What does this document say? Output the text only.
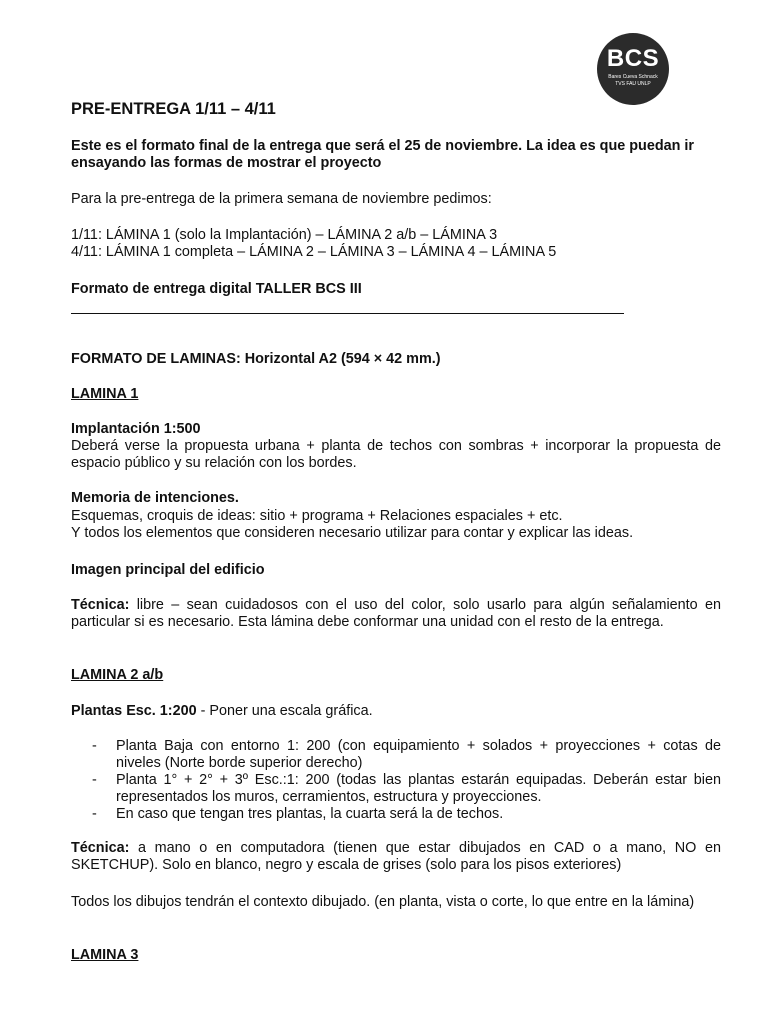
BCS
Bares Cueva Schnack
TVS FAU UNLP
PRE-ENTREGA 1/11 – 4/11

Este es el formato final de la entrega que será el 25 de noviembre. La idea es que puedan ir ensayando las formas de mostrar el proyecto

Para la pre-entrega de la primera semana de noviembre pedimos:

1/11: LÁMINA 1 (solo la Implantación) – LÁMINA 2 a/b – LÁMINA 3

4/11: LÁMINA 1 completa – LÁMINA 2 – LÁMINA 3 – LÁMINA 4 – LÁMINA 5

Formato de entrega digital TALLER BCS III

FORMATO DE LAMINAS: Horizontal A2 (594 × 42 mm.)

LAMINA 1

Implantación 1:500

Deberá verse la propuesta urbana + planta de techos con sombras + incorporar la propuesta de espacio público y su relación con los bordes.

Memoria de intenciones.

Esquemas, croquis de ideas: sitio + programa + Relaciones espaciales + etc.

Y todos los elementos que consideren necesario utilizar para contar y explicar las ideas.

Imagen principal del edificio

Técnica: libre – sean cuidadosos con el uso del color, solo usarlo para algún señalamiento en particular si es necesario. Esta lámina debe conformar una unidad con el resto de la entrega.

LAMINA 2 a/b

Plantas Esc. 1:200 - Poner una escala gráfica.

- Planta Baja con entorno 1: 200 (con equipamiento + solados + proyecciones + cotas de niveles (Norte borde superior derecho)
- Planta 1° + 2° + 3º Esc.:1: 200 (todas las plantas estarán equipadas. Deberán estar bien representados los muros, cerramientos, estructura y proyecciones.
- En caso que tengan tres plantas, la cuarta será la de techos.

Técnica: a mano o en computadora (tienen que estar dibujados en CAD o a mano, NO en SKETCHUP). Solo en blanco, negro y escala de grises (solo para los pisos exteriores)

Todos los dibujos tendrán el contexto dibujado. (en planta, vista o corte, lo que entre en la lámina)

LAMINA 3
